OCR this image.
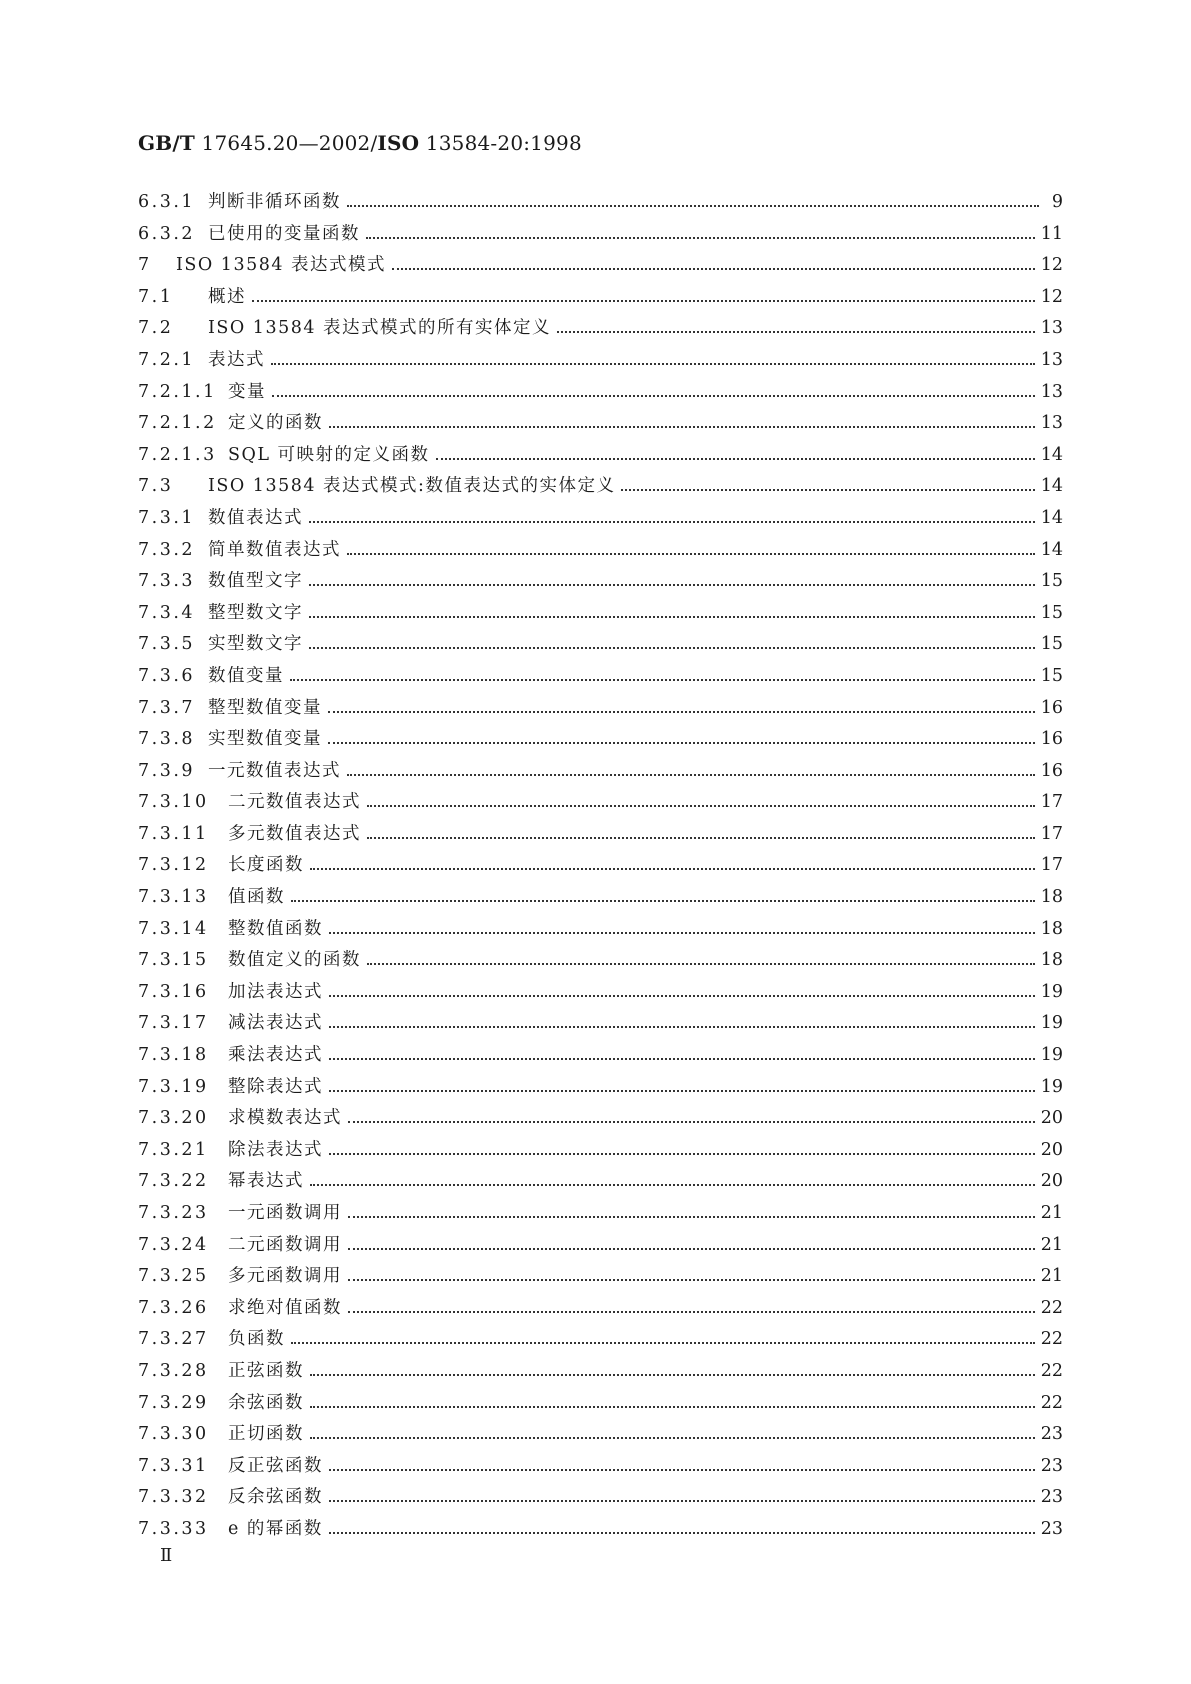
GB/T 17645.20—2002/ISO 13584-20:1998
6.3.1 判断非循环函数	9
6.3.2 已使用的变量函数	11
7	ISO 13584 表达式模式	12
7.1	概述	12
7.2	ISO 13584 表达式模式的所有实体定义	13
7.2.1 表达式	13
7.2.1.1 变量	13
7.2.1.2 定义的函数	13
7.2.1.3 SQL 可映射的定义函数	14
7.3	ISO 13584 表达式模式:数值表达式的实体定义	14
7.3.1 数值表达式	14
7.3.2 简单数值表达式	14
7.3.3 数值型文字	15
7.3.4 整型数文字	15
7.3.5 实型数文字	15
7.3.6 数值变量	15
7.3.7 整型数值变量	16
7.3.8 实型数值变量	16
7.3.9 一元数值表达式	16
7.3.10	二元数值表达式	17
7.3.11	多元数值表达式	17
7.3.12	长度函数	17
7.3.13	值函数	18
7.3.14	整数值函数	18
7.3.15	数值定义的函数	18
7.3.16	加法表达式	19
7.3.17	减法表达式	19
7.3.18	乘法表达式	19
7.3.19	整除表达式	19
7.3.20	求模数表达式	20
7.3.21	除法表达式	20
7.3.22	幂表达式	20
7.3.23	一元函数调用	21
7.3.24	二元函数调用	21
7.3.25	多元函数调用	21
7.3.26	求绝对值函数	22
7.3.27	负函数	22
7.3.28	正弦函数	22
7.3.29	余弦函数	22
7.3.30	正切函数	23
7.3.31	反正弦函数	23
7.3.32	反余弦函数	23
7.3.33	e 的幂函数	23
Ⅱ
